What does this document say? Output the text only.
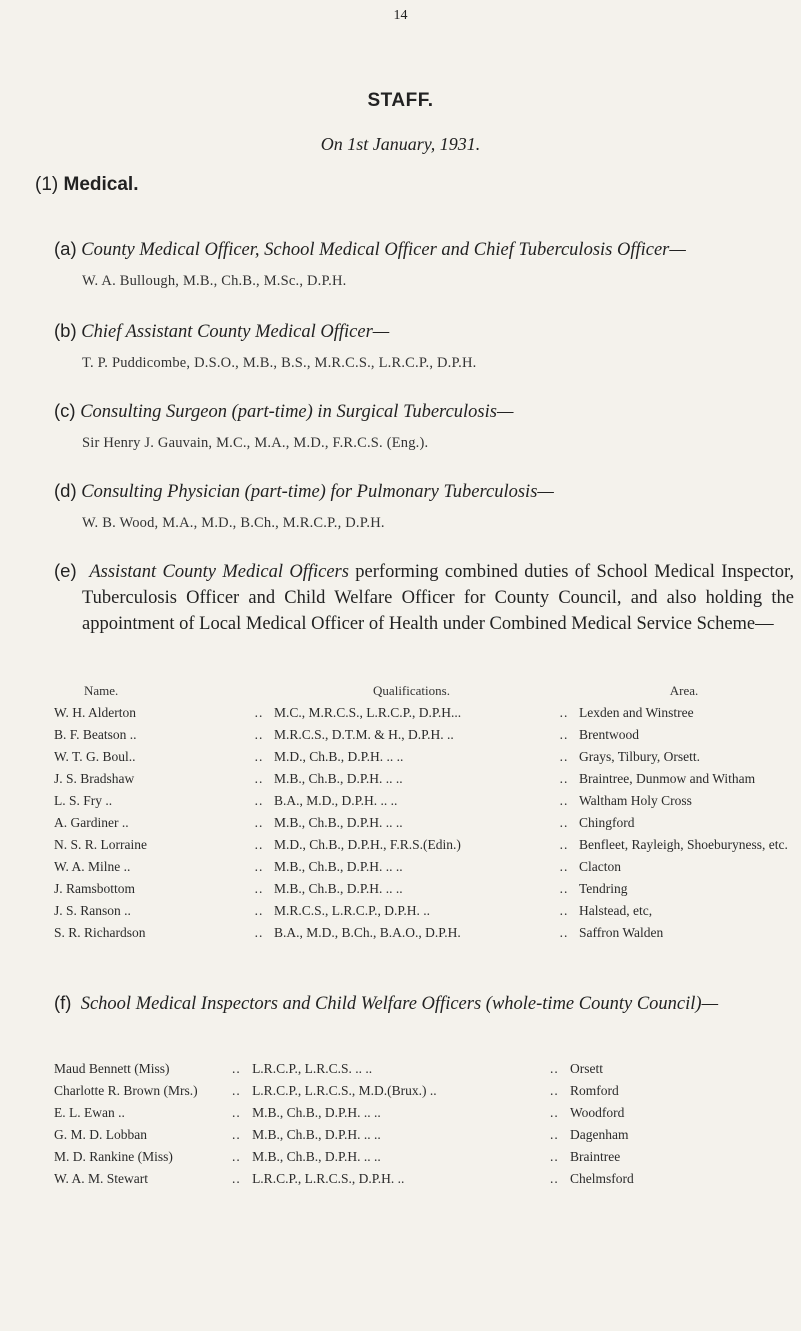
14
STAFF.
On 1st January, 1931.
(1) Medical.
(a) County Medical Officer, School Medical Officer and Chief Tuberculosis Officer—
W. A. Bullough, M.B., Ch.B., M.Sc., D.P.H.
(b) Chief Assistant County Medical Officer—
T. P. Puddicombe, D.S.O., M.B., B.S., M.R.C.S., L.R.C.P., D.P.H.
(c) Consulting Surgeon (part-time) in Surgical Tuberculosis—
Sir Henry J. Gauvain, M.C., M.A., M.D., F.R.C.S. (Eng.).
(d) Consulting Physician (part-time) for Pulmonary Tuberculosis—
W. B. Wood, M.A., M.D., B.Ch., M.R.C.P., D.P.H.
(e) Assistant County Medical Officers performing combined duties of School Medical Inspector, Tuberculosis Officer and Child Welfare Officer for County Council, and also holding the appointment of Local Medical Officer of Health under Combined Medical Service Scheme—
Name.		Qualifications.		Area.
W. H. Alderton	..	M.C., M.R.C.S., L.R.C.P., D.P.H...	..	Lexden and Winstree
B. F. Beatson ..	..	M.R.C.S., D.T.M. & H., D.P.H. ..	..	Brentwood
W. T. G. Boul..	..	M.D., Ch.B., D.P.H. .. ..	..	Grays, Tilbury, Orsett.
J. S. Bradshaw	..	M.B., Ch.B., D.P.H. .. ..	..	Braintree, Dunmow and Witham
L. S. Fry ..	..	B.A., M.D., D.P.H. .. ..	..	Waltham Holy Cross
A. Gardiner ..	..	M.B., Ch.B., D.P.H. .. ..	..	Chingford
N. S. R. Lorraine	..	M.D., Ch.B., D.P.H., F.R.S.(Edin.)	..	Benfleet, Rayleigh, Shoeburyness, etc.
W. A. Milne ..	..	M.B., Ch.B., D.P.H. .. ..	..	Clacton
J. Ramsbottom	..	M.B., Ch.B., D.P.H. .. ..	..	Tendring
J. S. Ranson ..	..	M.R.C.S., L.R.C.P., D.P.H. ..	..	Halstead, etc,
S. R. Richardson	..	B.A., M.D., B.Ch., B.A.O., D.P.H.	..	Saffron Walden
(f) School Medical Inspectors and Child Welfare Officers (whole-time County Council)—
Maud Bennett (Miss)	..	L.R.C.P., L.R.C.S. .. ..	..	Orsett
Charlotte R. Brown (Mrs.)	..	L.R.C.P., L.R.C.S., M.D.(Brux.) ..	..	Romford
E. L. Ewan ..	..	M.B., Ch.B., D.P.H. .. ..	..	Woodford
G. M. D. Lobban	..	M.B., Ch.B., D.P.H. .. ..	..	Dagenham
M. D. Rankine (Miss)	..	M.B., Ch.B., D.P.H. .. ..	..	Braintree
W. A. M. Stewart	..	L.R.C.P., L.R.C.S., D.P.H. ..	..	Chelmsford
